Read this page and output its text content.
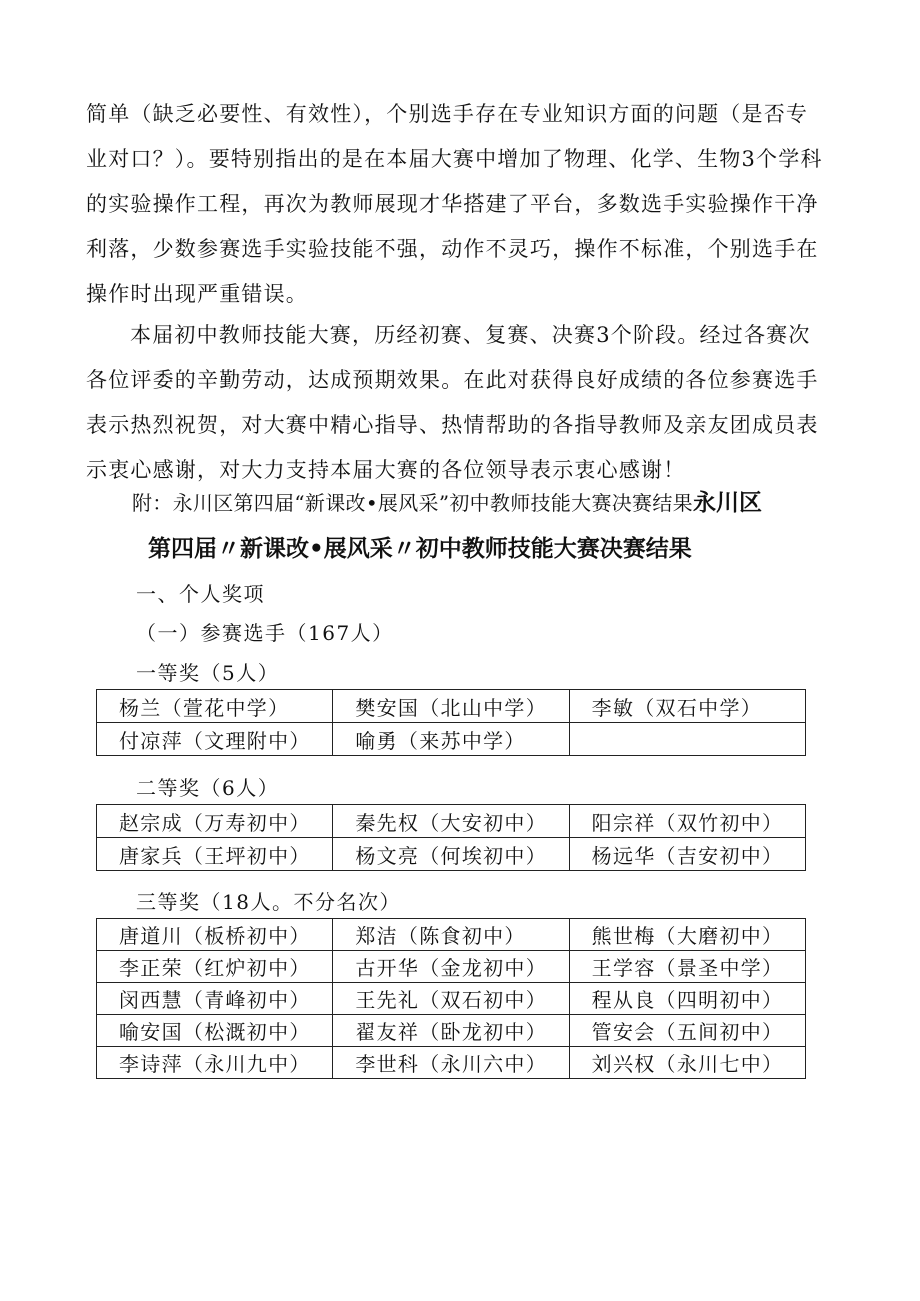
简单（缺乏必要性、有效性），个别选手存在专业知识方面的问题（是否专业对口？）。要特别指出的是在本届大赛中增加了物理、化学、生物3个学科的实验操作工程，再次为教师展现才华搭建了平台，多数选手实验操作干净利落，少数参赛选手实验技能不强，动作不灵巧，操作不标准，个别选手在操作时出现严重错误。

本届初中教师技能大赛，历经初赛、复赛、决赛3个阶段。经过各赛次各位评委的辛勤劳动，达成预期效果。在此对获得良好成绩的各位参赛选手表示热烈祝贺，对大赛中精心指导、热情帮助的各指导教师及亲友团成员表示衷心感谢，对大力支持本届大赛的各位领导表示衷心感谢！

附：永川区第四届“新课改•展风采”初中教师技能大赛决赛结果永川区
第四届〃新课改•展风采〃初中教师技能大赛决赛结果
一、个人奖项
（一）参赛选手（167人）
一等奖（5人）
杨兰（萱花中学）	樊安国（北山中学）	李敏（双石中学）
付凉萍（文理附中）	喻勇（来苏中学）	
二等奖（6人）
赵宗成（万寿初中）	秦先权（大安初中）	阳宗祥（双竹初中）
唐家兵（王坪初中）	杨文亮（何埃初中）	杨远华（吉安初中）
三等奖（18人。不分名次）
唐道川（板桥初中）	郑洁（陈食初中）	熊世梅（大磨初中）
李正荣（红炉初中）	古开华（金龙初中）	王学容（景圣中学）
闵西慧（青峰初中）	王先礼（双石初中）	程从良（四明初中）
喻安国（松溉初中）	翟友祥（卧龙初中）	管安会（五间初中）
李诗萍（永川九中）	李世科（永川六中）	刘兴权（永川七中）
